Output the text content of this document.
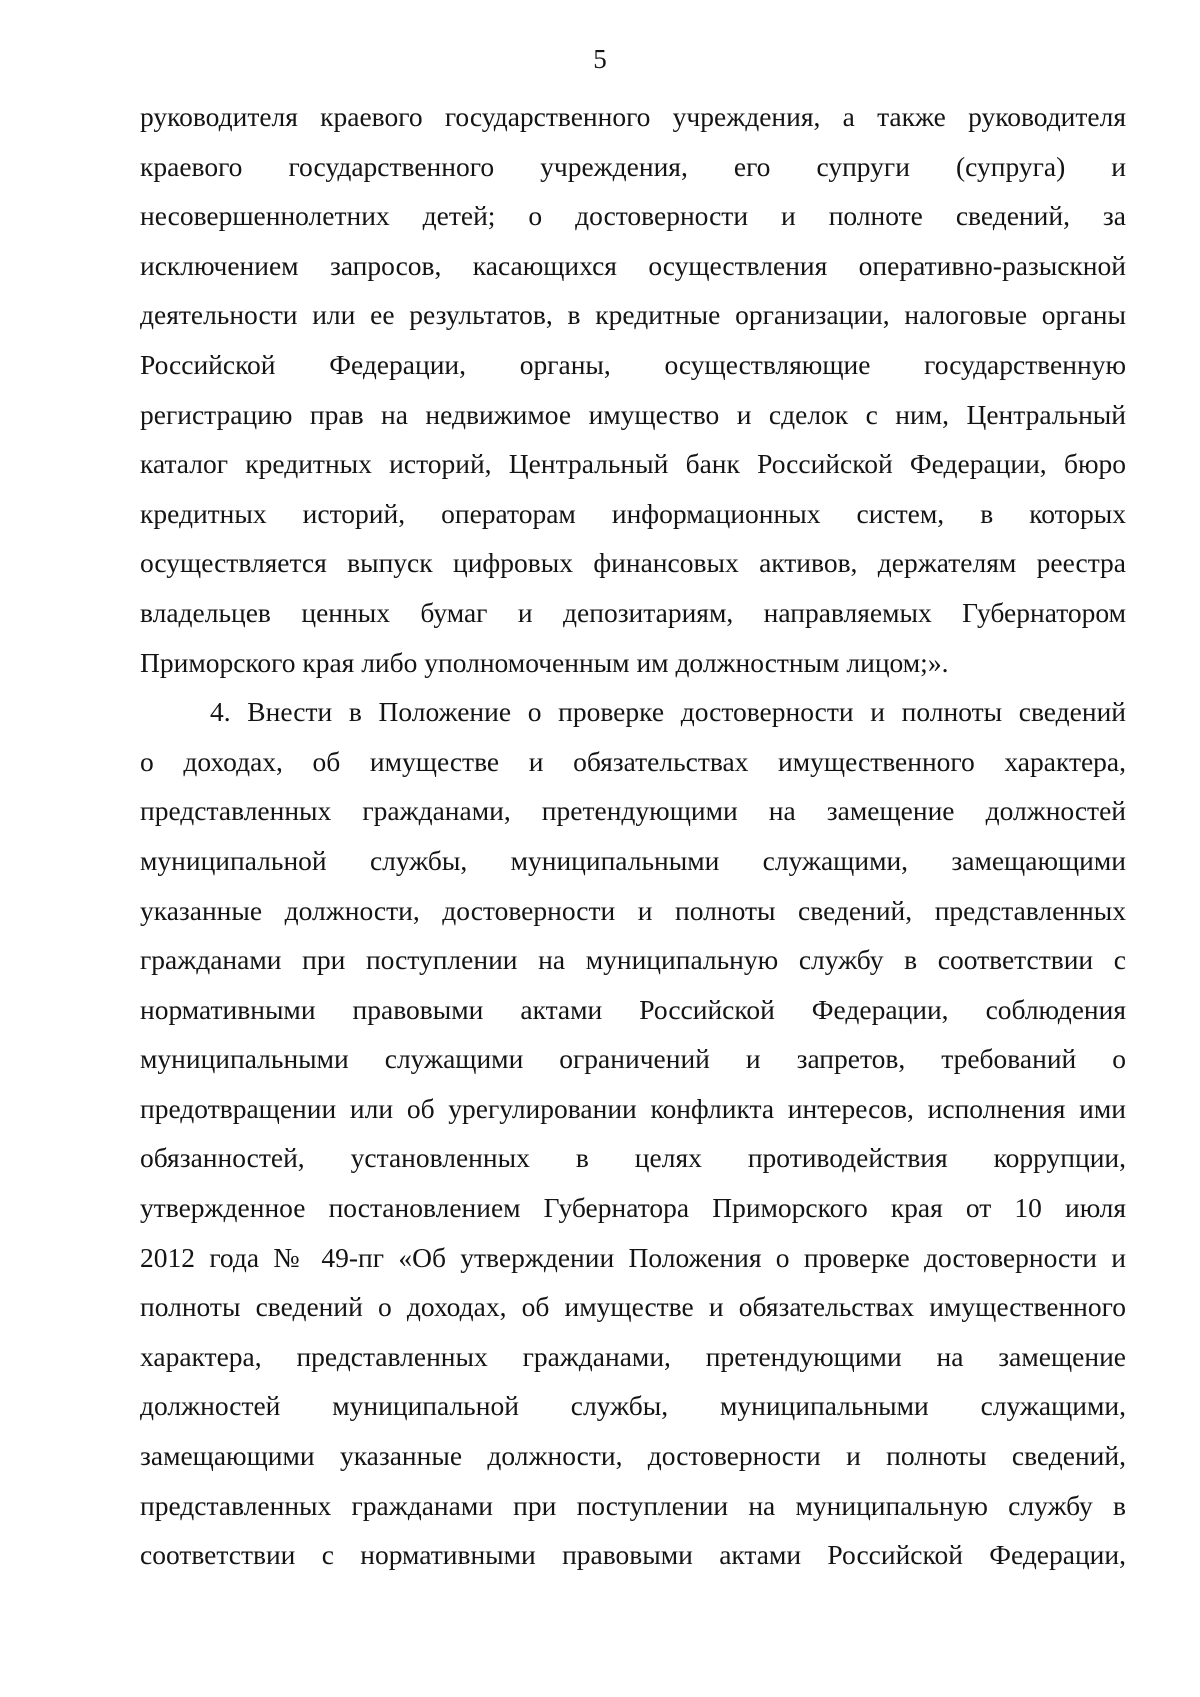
5
руководителя краевого государственного учреждения, а также руководителя
краевого государственного учреждения, его супруги (супруга) и
несовершеннолетних детей; о достоверности и полноте сведений, за
исключением запросов, касающихся осуществления оперативно-разыскной
деятельности или ее результатов, в кредитные организации, налоговые органы
Российской Федерации, органы, осуществляющие государственную
регистрацию прав на недвижимое имущество и сделок с ним, Центральный
каталог кредитных историй, Центральный банк Российской Федерации, бюро
кредитных историй, операторам информационных систем, в которых
осуществляется выпуск цифровых финансовых активов, держателям реестра
владельцев ценных бумаг и депозитариям, направляемых Губернатором
Приморского края либо уполномоченным им должностным лицом;».
4. Внести в Положение о проверке достоверности и полноты сведений
о доходах, об имуществе и обязательствах имущественного характера,
представленных гражданами, претендующими на замещение должностей
муниципальной службы, муниципальными служащими, замещающими
указанные должности, достоверности и полноты сведений, представленных
гражданами при поступлении на муниципальную службу в соответствии с
нормативными правовыми актами Российской Федерации, соблюдения
муниципальными служащими ограничений и запретов, требований о
предотвращении или об урегулировании конфликта интересов, исполнения ими
обязанностей, установленных в целях противодействия коррупции,
утвержденное постановлением Губернатора Приморского края от 10 июля
2012 года № 49-пг «Об утверждении Положения о проверке достоверности и
полноты сведений о доходах, об имуществе и обязательствах имущественного
характера, представленных гражданами, претендующими на замещение
должностей муниципальной службы, муниципальными служащими,
замещающими указанные должности, достоверности и полноты сведений,
представленных гражданами при поступлении на муниципальную службу в
соответствии с нормативными правовыми актами Российской Федерации,
